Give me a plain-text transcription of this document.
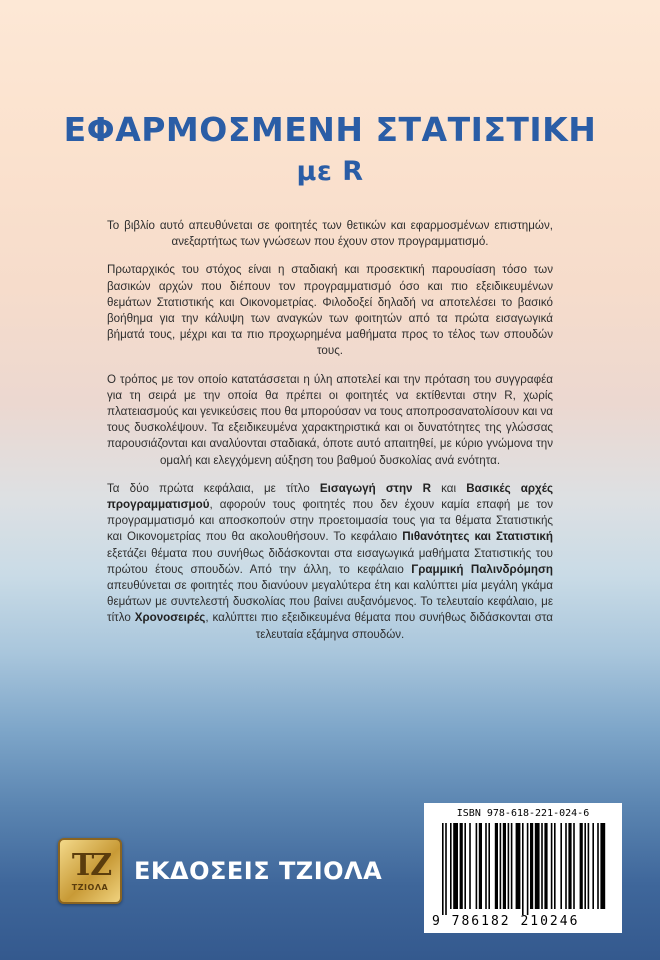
ΕΦΑΡΜΟΣΜΕΝΗ ΣΤΑΤΙΣΤΙΚΗ
με R

Το βιβλίο αυτό απευθύνεται σε φοιτητές των θετικών και εφαρμοσμένων επιστημών, ανεξαρτήτως των γνώσεων που έχουν στον προγραμματισμό.

Πρωταρχικός του στόχος είναι η σταδιακή και προσεκτική παρουσίαση τόσο των βασικών αρχών που διέπουν τον προγραμματισμό όσο και πιο εξειδικευμένων θεμάτων Στατιστικής και Οικονομετρίας. Φιλοδοξεί δηλαδή να αποτελέσει το βασικό βοήθημα για την κάλυψη των αναγκών των φοιτητών από τα πρώτα εισαγωγικά βήματά τους, μέχρι και τα πιο προχωρημένα μαθήματα προς το τέλος των σπουδών τους.

Ο τρόπος με τον οποίο κατατάσσεται η ύλη αποτελεί και την πρόταση του συγγραφέα για τη σειρά με την οποία θα πρέπει οι φοιτητές να εκτίθενται στην R, χωρίς πλατειασμούς και γενικεύσεις που θα μπορούσαν να τους αποπροσανατολίσουν και να τους δυσκολέψουν. Τα εξειδικευμένα χαρακτηριστικά και οι δυνατότητες της γλώσσας παρουσιάζονται και αναλύονται σταδιακά, όποτε αυτό απαιτηθεί, με κύριο γνώμονα την ομαλή και ελεγχόμενη αύξηση του βαθμού δυσκολίας ανά ενότητα.

Τα δύο πρώτα κεφάλαια, με τίτλο Εισαγωγή στην R και Βασικές αρχές προγραμματισμού, αφορούν τους φοιτητές που δεν έχουν καμία επαφή με τον προγραμματισμό και αποσκοπούν στην προετοιμασία τους για τα θέματα Στατιστικής και Οικονομετρίας που θα ακολουθήσουν. Το κεφάλαιο Πιθανότητες και Στατιστική εξετάζει θέματα που συνήθως διδάσκονται στα εισαγωγικά μαθήματα Στατιστικής του πρώτου έτους σπουδών. Από την άλλη, το κεφάλαιο Γραμμική Παλινδρόμηση απευθύνεται σε φοιτητές που διανύουν μεγαλύτερα έτη και καλύπτει μία μεγάλη γκάμα θεμάτων με συντελεστή δυσκολίας που βαίνει αυξανόμενος. Το τελευταίο κεφάλαιο, με τίτλο Χρονοσειρές, καλύπτει πιο εξειδικευμένα θέματα που συνήθως διδάσκονται στα τελευταία εξάμηνα σπουδών.

TZ
ΤΖΙΟΛΑ
ΕΚΔΟΣΕΙΣ ΤΖΙΟΛΑ
ISBN 978-618-221-024-6
9 786182 210246
